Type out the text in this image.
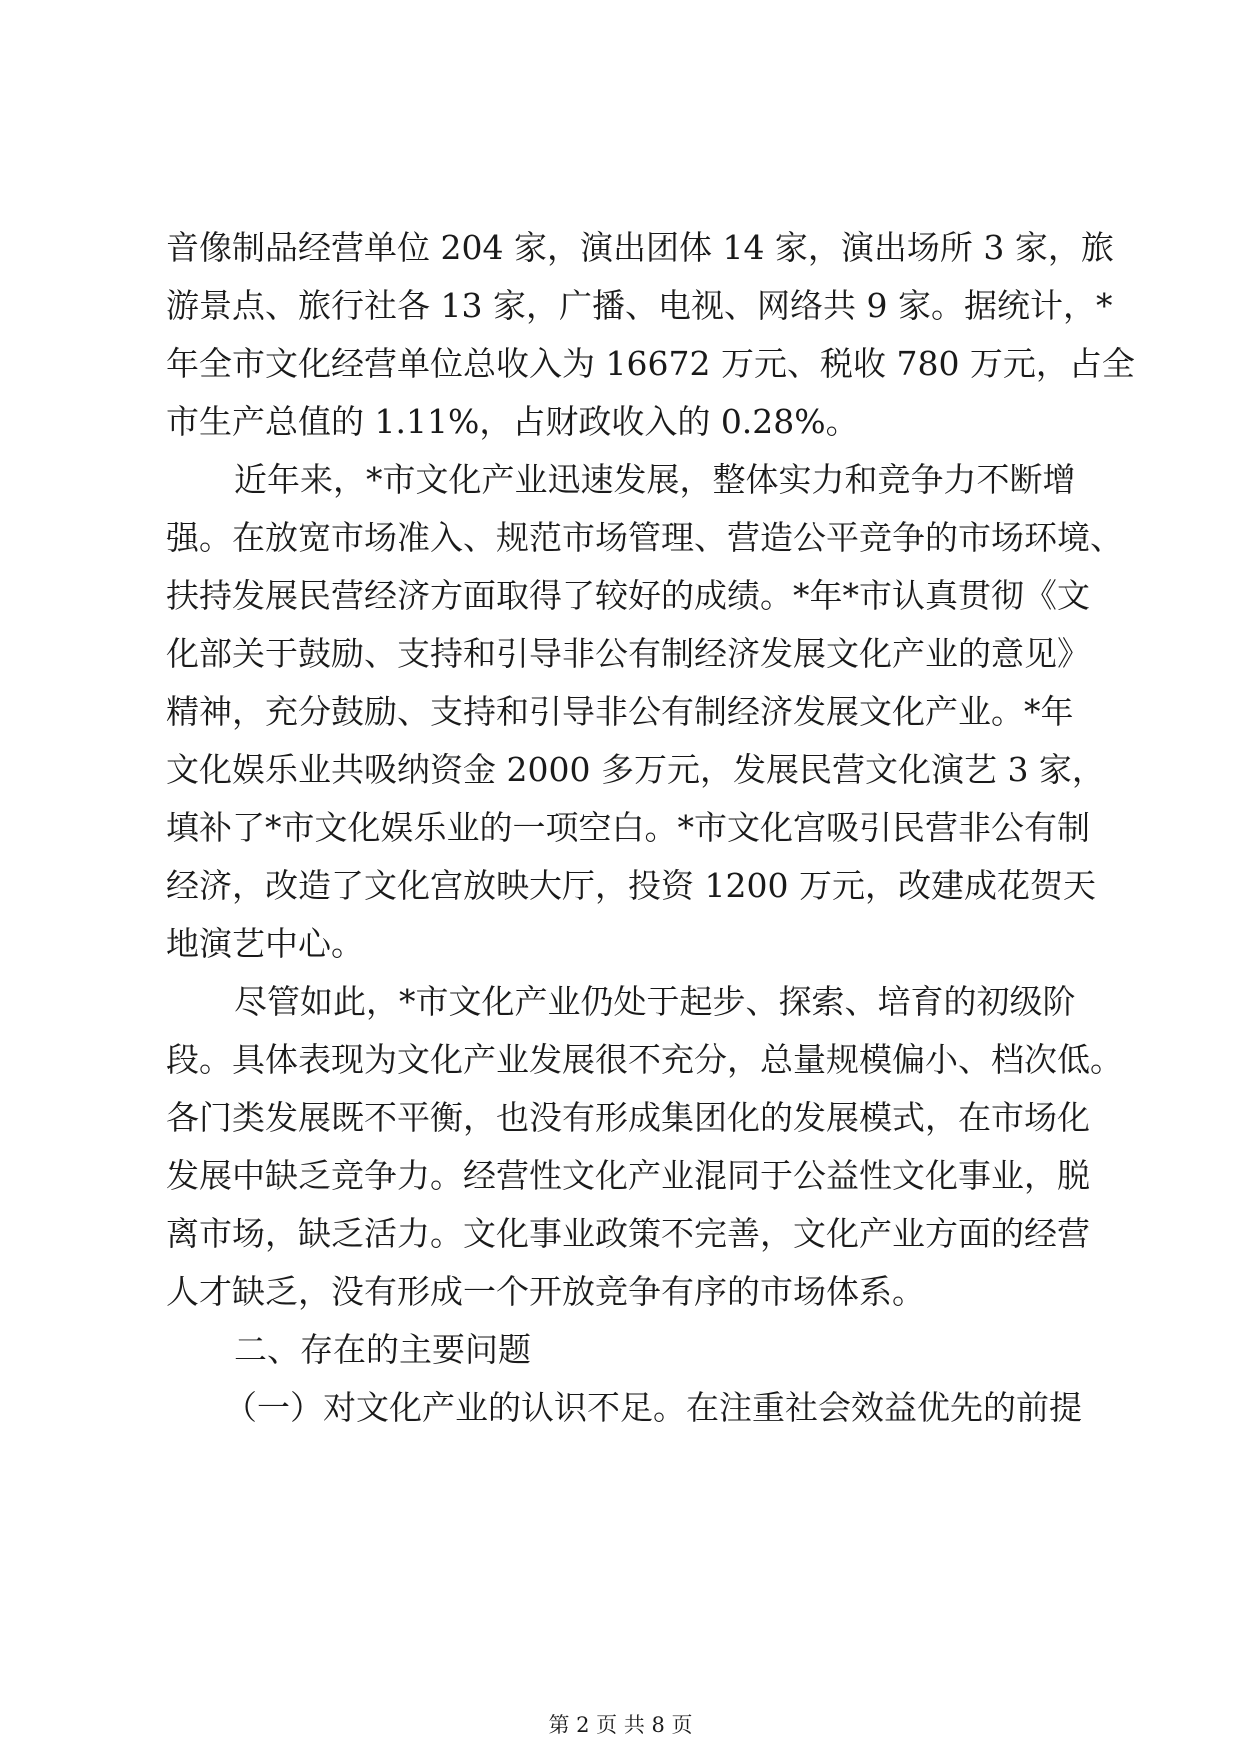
音像制品经营单位 204 家，演出团体 14 家，演出场所 3 家，旅
游景点、旅行社各 13 家，广播、电视、网络共 9 家。据统计，*
年全市文化经营单位总收入为 16672 万元、税收 780 万元，占全
市生产总值的 1.11%，占财政收入的 0.28%。
近年来，*市文化产业迅速发展，整体实力和竞争力不断增
强。在放宽市场准入、规范市场管理、营造公平竞争的市场环境、
扶持发展民营经济方面取得了较好的成绩。*年*市认真贯彻《文
化部关于鼓励、支持和引导非公有制经济发展文化产业的意见》
精神，充分鼓励、支持和引导非公有制经济发展文化产业。*年
文化娱乐业共吸纳资金 2000 多万元，发展民营文化演艺 3 家，
填补了*市文化娱乐业的一项空白。*市文化宫吸引民营非公有制
经济，改造了文化宫放映大厅，投资 1200 万元，改建成花贺天
地演艺中心。
尽管如此，*市文化产业仍处于起步、探索、培育的初级阶
段。具体表现为文化产业发展很不充分，总量规模偏小、档次低。
各门类发展既不平衡，也没有形成集团化的发展模式，在市场化
发展中缺乏竞争力。经营性文化产业混同于公益性文化事业，脱
离市场，缺乏活力。文化事业政策不完善，文化产业方面的经营
人才缺乏，没有形成一个开放竞争有序的市场体系。
二、存在的主要问题
（一）对文化产业的认识不足。在注重社会效益优先的前提
第 2 页 共 8 页
